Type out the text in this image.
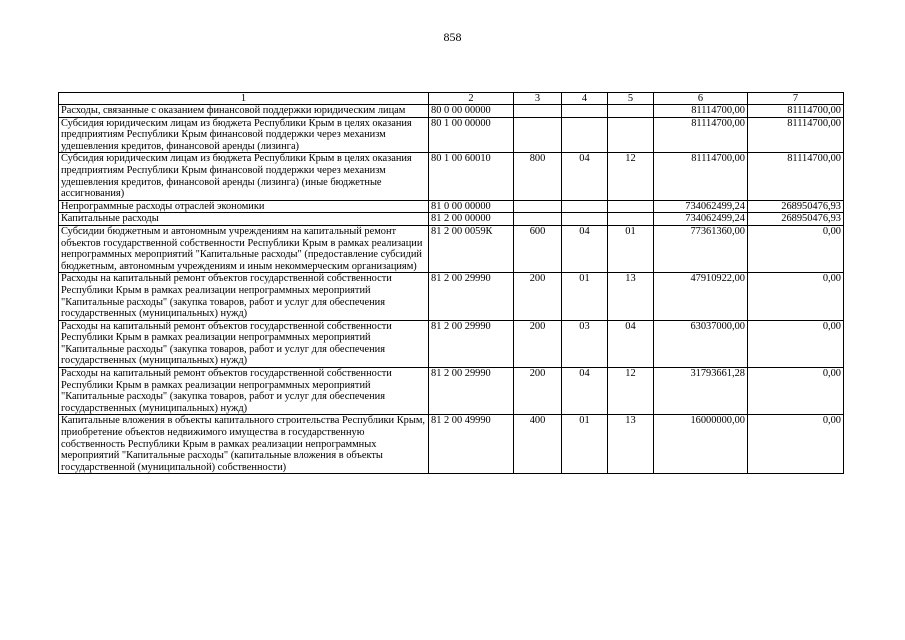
858
1	2	3	4	5	6	7
Расходы, связанные с оказанием финансовой поддержки юридическим лицам	80 0 00 00000				81114700,00	81114700,00
Субсидия юридическим лицам из бюджета Республики Крым в целях оказания предприятиям Республики Крым финансовой поддержки через механизм удешевления кредитов, финансовой аренды (лизинга)	80 1 00 00000				81114700,00	81114700,00
Субсидия юридическим лицам из бюджета Республики Крым в целях оказания предприятиям Республики Крым финансовой поддержки через механизм удешевления кредитов, финансовой аренды (лизинга) (иные бюджетные ассигнования)	80 1 00 60010	800	04	12	81114700,00	81114700,00
Непрограммные расходы отраслей экономики	81 0 00 00000				734062499,24	268950476,93
Капитальные расходы	81 2 00 00000				734062499,24	268950476,93
Субсидии бюджетным и автономным учреждениям на капитальный ремонт объектов государственной собственности Республики Крым в рамках реализации непрограммных мероприятий "Капитальные расходы" (предоставление субсидий бюджетным, автономным учреждениям и иным некоммерческим организациям)	81 2 00 0059К	600	04	01	77361360,00	0,00
Расходы на капитальный ремонт объектов государственной собственности Республики Крым в рамках реализации непрограммных мероприятий "Капитальные расходы" (закупка товаров, работ и услуг для обеспечения государственных (муниципальных) нужд)	81 2 00 29990	200	01	13	47910922,00	0,00
Расходы на капитальный ремонт объектов государственной собственности Республики Крым в рамках реализации непрограммных мероприятий "Капитальные расходы" (закупка товаров, работ и услуг для обеспечения государственных (муниципальных) нужд)	81 2 00 29990	200	03	04	63037000,00	0,00
Расходы на капитальный ремонт объектов государственной собственности Республики Крым в рамках реализации непрограммных мероприятий "Капитальные расходы" (закупка товаров, работ и услуг для обеспечения государственных (муниципальных) нужд)	81 2 00 29990	200	04	12	31793661,28	0,00
Капитальные вложения в объекты капитального строительства Республики Крым, приобретение объектов недвижимого имущества в государственную собственность Республики Крым в рамках реализации непрограммных мероприятий "Капитальные расходы" (капитальные вложения в объекты государственной (муниципальной) собственности)	81 2 00 49990	400	01	13	16000000,00	0,00
